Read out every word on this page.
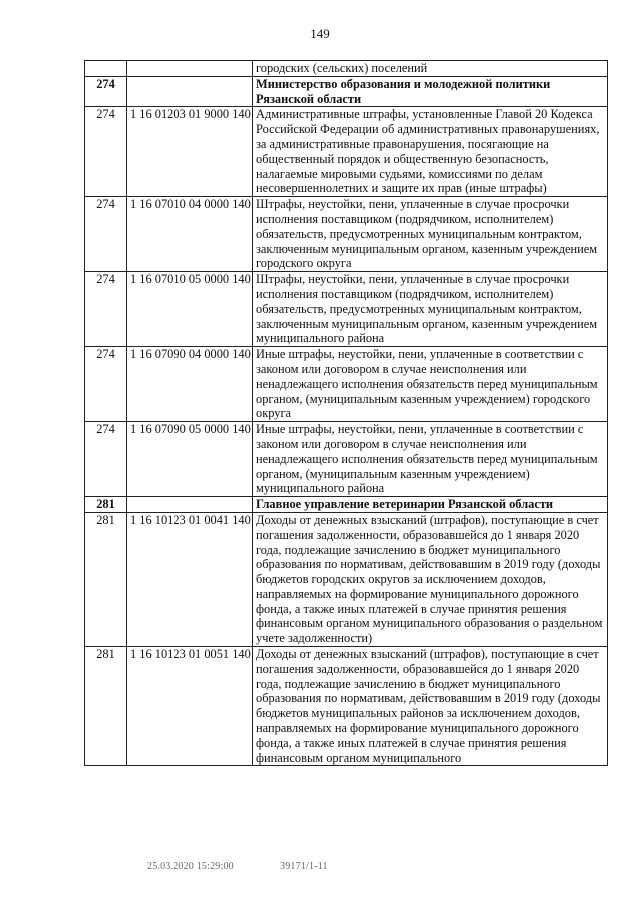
149
		городских (сельских) поселений
274		Министерство образования и молодежной политики Рязанской области
274	1 16 01203 01 9000 140	Административные штрафы, установленные Главой 20 Кодекса Российской Федерации об административных правонарушениях, за административные правонарушения, посягающие на общественный порядок и общественную безопасность, налагаемые мировыми судьями, комиссиями по делам несовершеннолетних и защите их прав (иные штрафы)
274	1 16 07010 04 0000 140	Штрафы, неустойки, пени, уплаченные в случае просрочки исполнения поставщиком (подрядчиком, исполнителем) обязательств, предусмотренных муниципальным контрактом, заключенным муниципальным органом, казенным учреждением городского округа
274	1 16 07010 05 0000 140	Штрафы, неустойки, пени, уплаченные в случае просрочки исполнения поставщиком (подрядчиком, исполнителем) обязательств, предусмотренных муниципальным контрактом, заключенным муниципальным органом, казенным учреждением муниципального района
274	1 16 07090 04 0000 140	Иные штрафы, неустойки, пени, уплаченные в соответствии с законом или договором в случае неисполнения или ненадлежащего исполнения обязательств перед муниципальным органом, (муниципальным казенным учреждением) городского округа
274	1 16 07090 05 0000 140	Иные штрафы, неустойки, пени, уплаченные в соответствии с законом или договором в случае неисполнения или ненадлежащего исполнения обязательств перед муниципальным органом, (муниципальным казенным учреждением) муниципального района
281		Главное управление ветеринарии Рязанской области
281	1 16 10123 01 0041 140	Доходы от денежных взысканий (штрафов), поступающие в счет погашения задолженности, образовавшейся до 1 января 2020 года, подлежащие зачислению в бюджет муниципального образования по нормативам, действовавшим в 2019 году (доходы бюджетов городских округов за исключением доходов, направляемых на формирование муниципального дорожного фонда, а также иных платежей в случае принятия решения финансовым органом муниципального образования о раздельном учете задолженности)
281	1 16 10123 01 0051 140	Доходы от денежных взысканий (штрафов), поступающие в счет погашения задолженности, образовавшейся до 1 января 2020 года, подлежащие зачислению в бюджет муниципального образования по нормативам, действовавшим в 2019 году (доходы бюджетов муниципальных районов за исключением доходов, направляемых на формирование муниципального дорожного фонда, а также иных платежей в случае принятия решения финансовым органом муниципального
25.03.2020 15:29:00	39171/1-11
